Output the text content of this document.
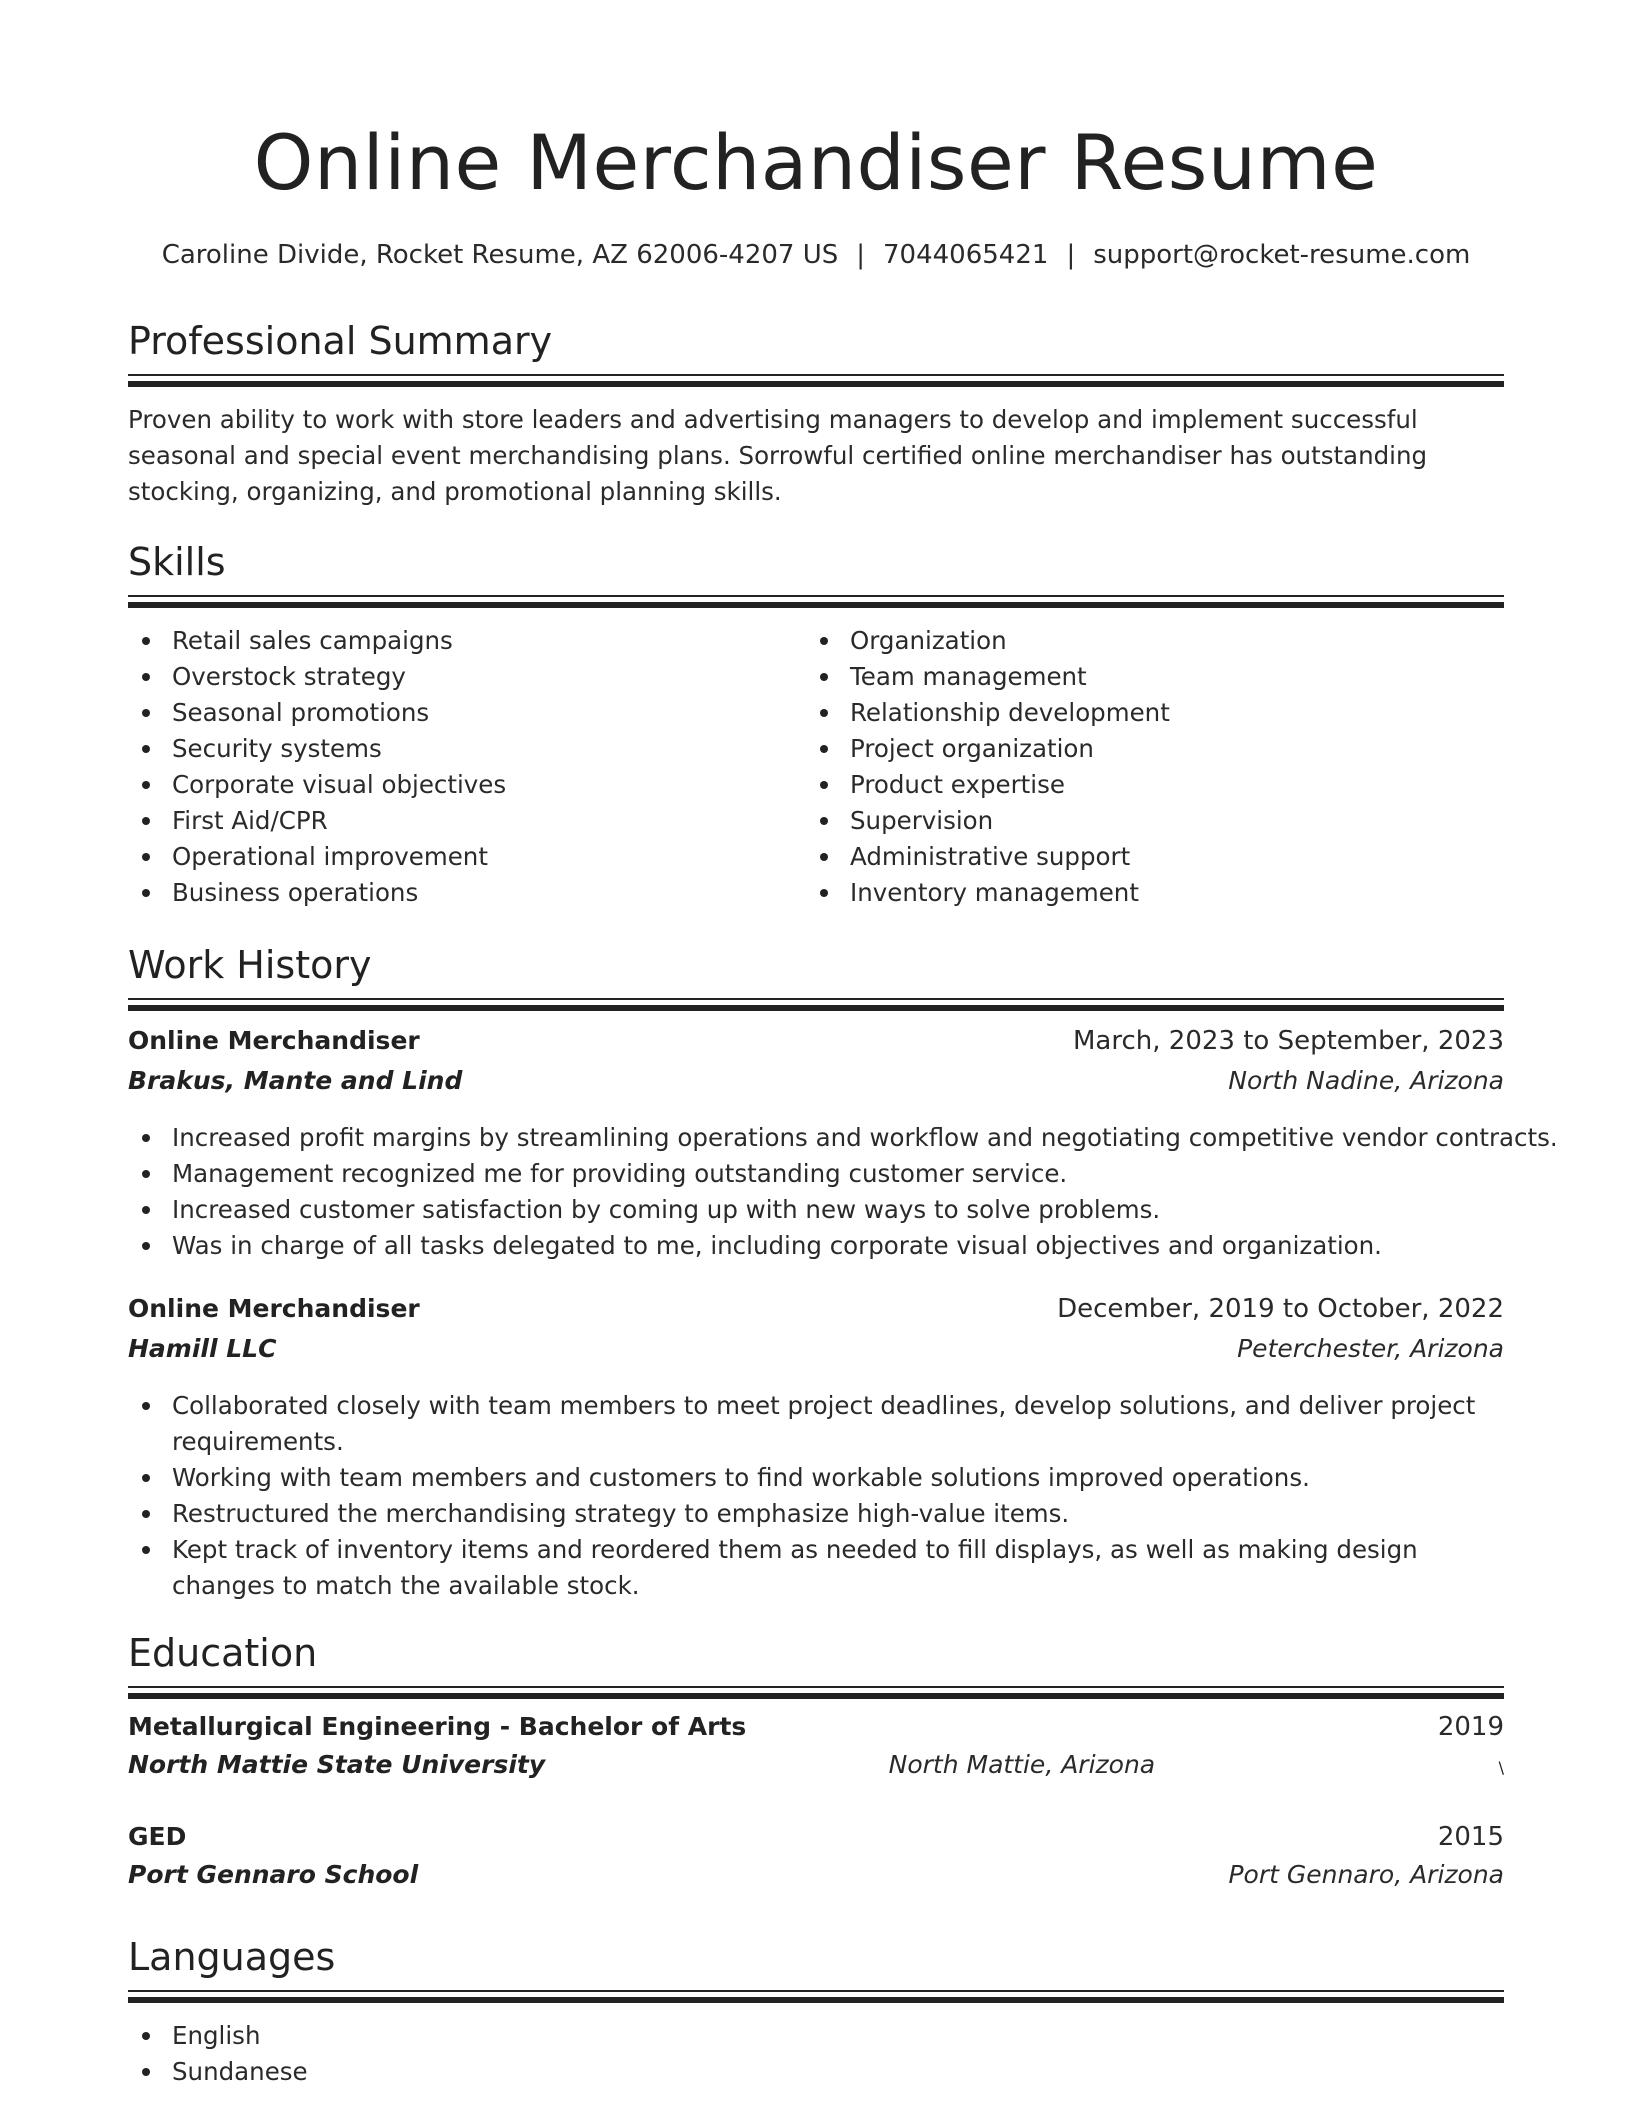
Online Merchandiser Resume
Caroline Divide, Rocket Resume, AZ 62006-4207 US | 7044065421 | support@rocket-resume.com
Professional Summary

Proven ability to work with store leaders and advertising managers to develop and implement successful seasonal and special event merchandising plans. Sorrowful certified online merchandiser has outstanding stocking, organizing, and promotional planning skills.

Skills
Retail sales campaigns
Overstock strategy
Seasonal promotions
Security systems
Corporate visual objectives
First Aid/CPR
Operational improvement
Business operations
Organization
Team management
Relationship development
Project organization
Product expertise
Supervision
Administrative support
Inventory management
Work History
Online Merchandiser	March, 2023 to September, 2023
Brakus, Mante and Lind	North Nadine, Arizona
Increased profit margins by streamlining operations and workflow and negotiating competitive vendor contracts.
Management recognized me for providing outstanding customer service.
Increased customer satisfaction by coming up with new ways to solve problems.
Was in charge of all tasks delegated to me, including corporate visual objectives and organization.
Online Merchandiser	December, 2019 to October, 2022
Hamill LLC	Peterchester, Arizona
Collaborated closely with team members to meet project deadlines, develop solutions, and deliver project requirements.
Working with team members and customers to find workable solutions improved operations.
Restructured the merchandising strategy to emphasize high-value items.
Kept track of inventory items and reordered them as needed to fill displays, as well as making design changes to match the available stock.
Education
Metallurgical Engineering - Bachelor of Arts	2019
North Mattie State University	North Mattie, Arizona	\
GED	2015
Port Gennaro School	Port Gennaro, Arizona
Languages
English
Sundanese
